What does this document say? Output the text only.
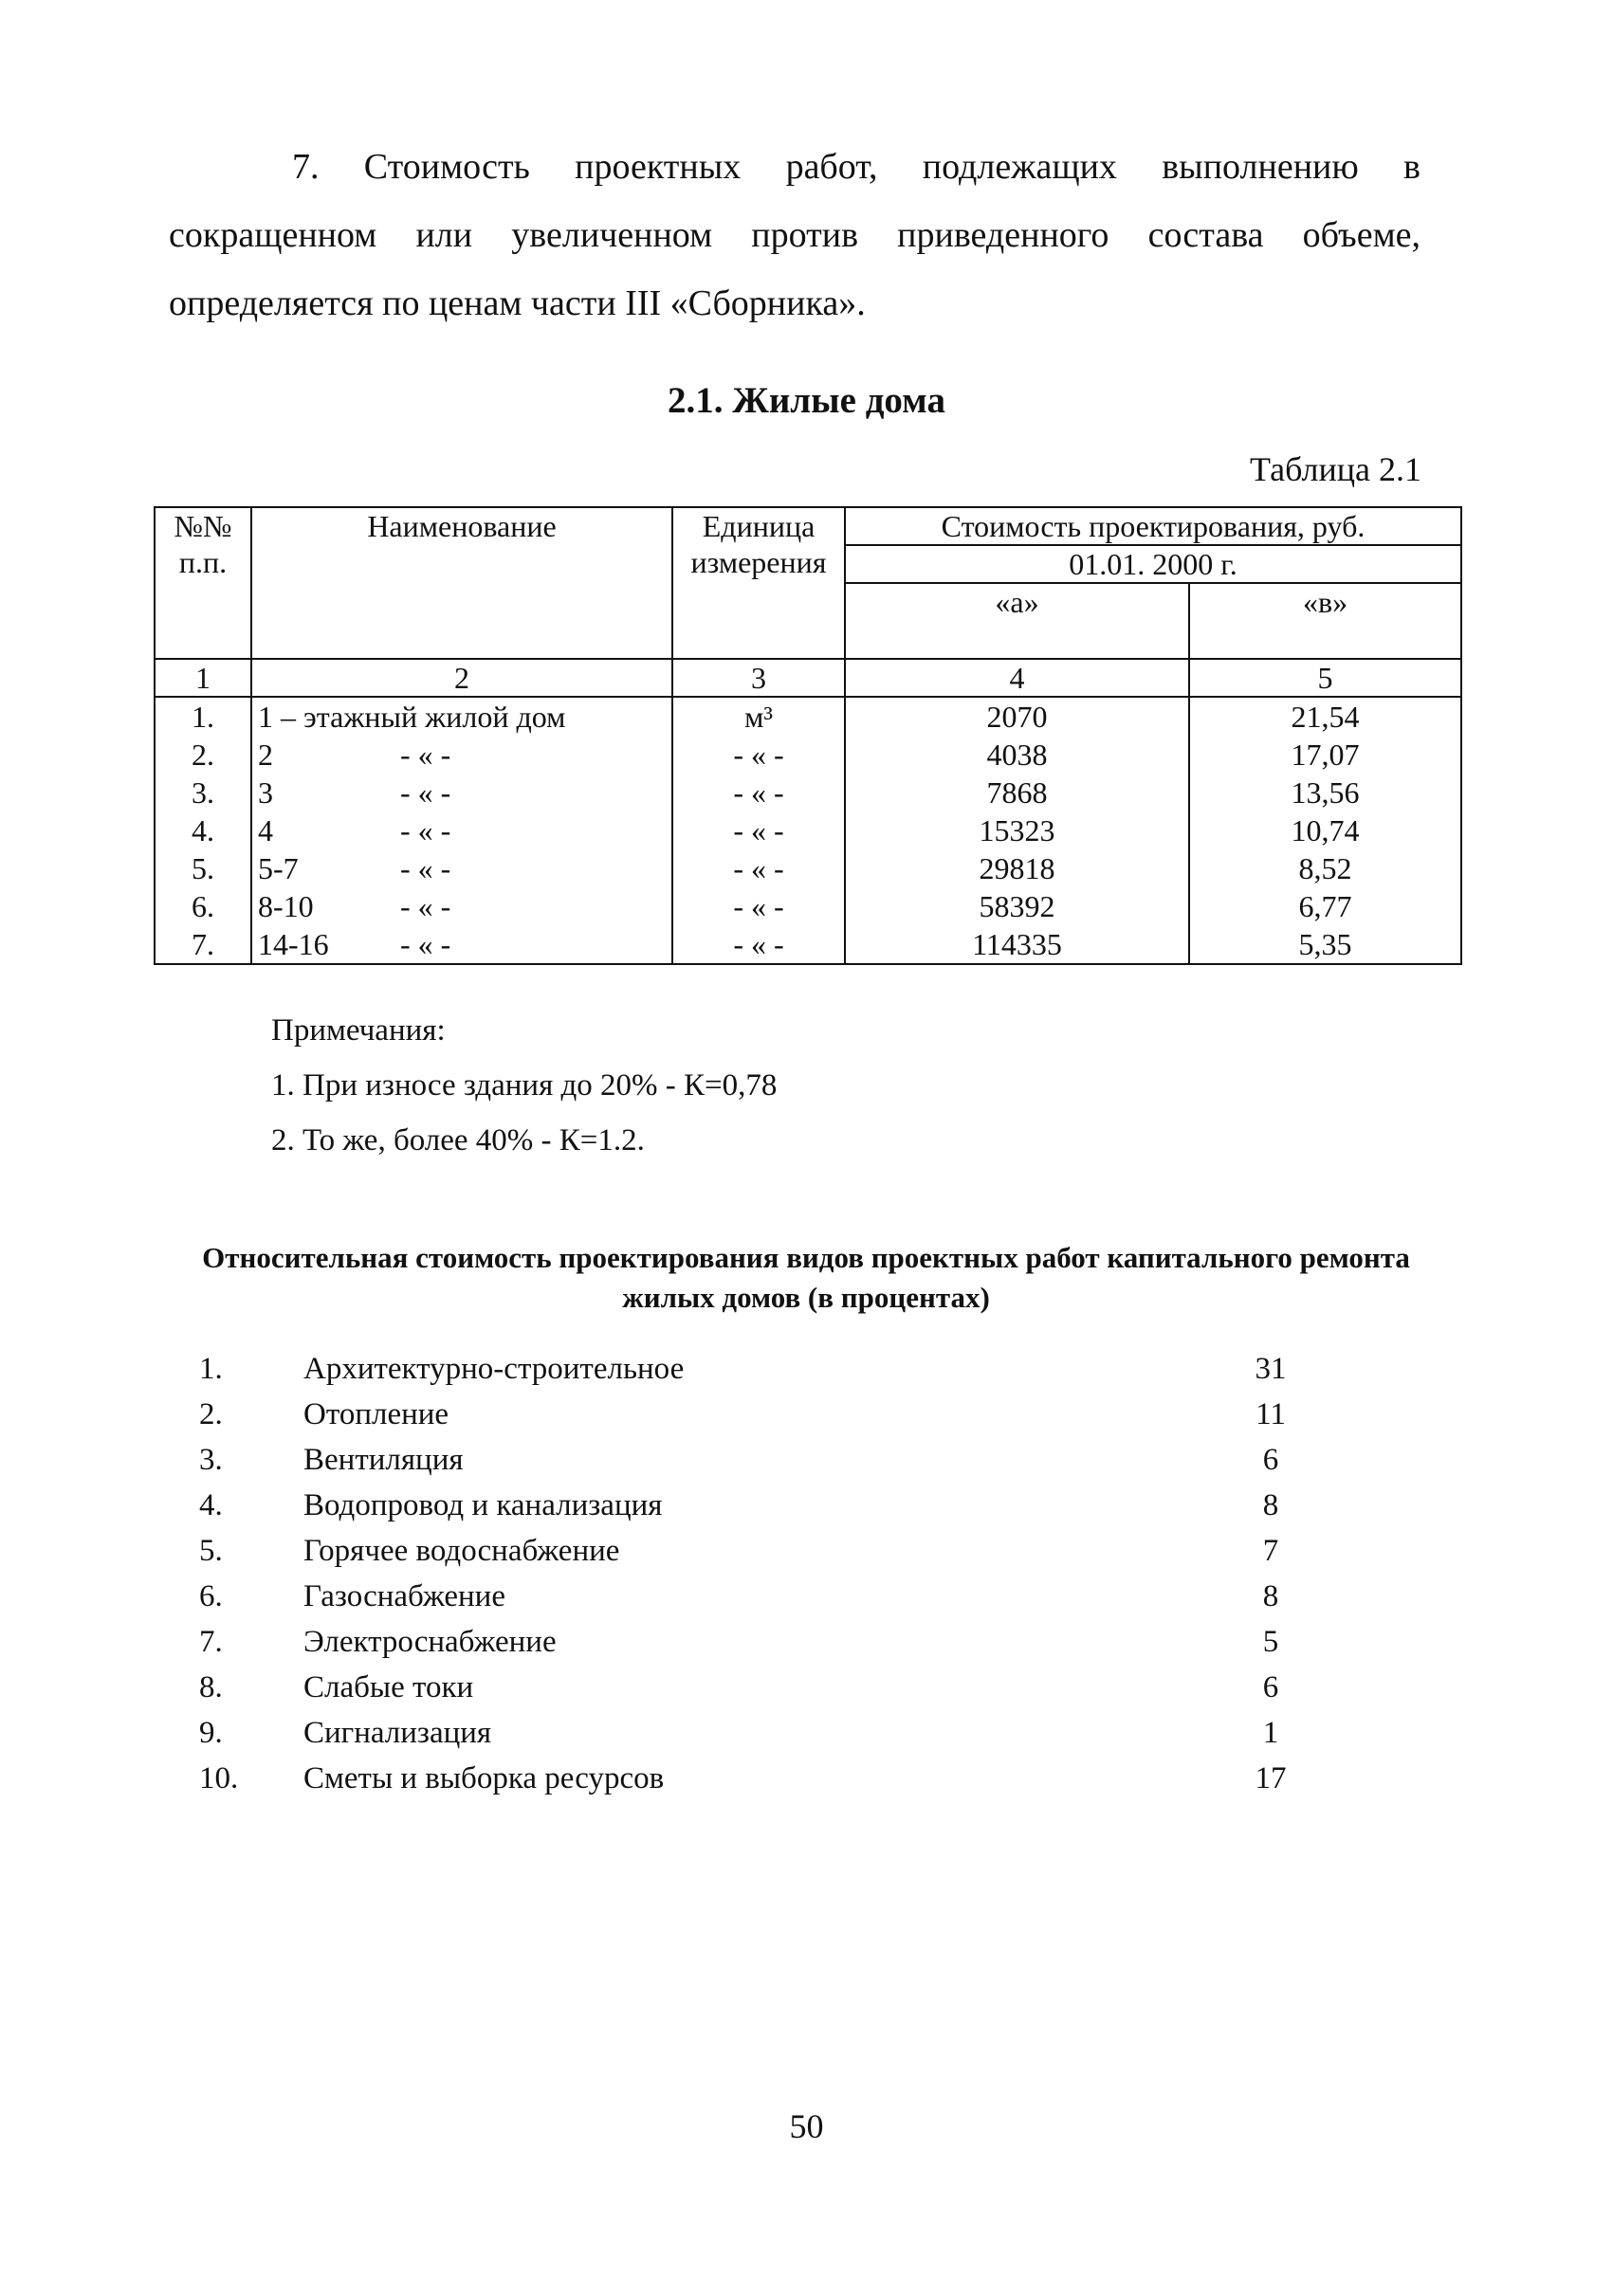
7. Стоимость проектных работ, подлежащих выполнению в сокращенном или увеличенном против приведенного состава объеме, определяется по ценам части III «Сборника».

2.1. Жилые дома

Таблица 2.1

№№ п.п.	Наименование	Единица измерения	Стоимость проектирования, руб.	
			01.01. 2000 г.	
			«а»	«в»
1	2	3	4	5
1.	1 – этажный жилой дом	м³	2070	21,54
2.	2 - « -	- « -	4038	17,07
3.	3 - « -	- « -	7868	13,56
4.	4 - « -	- « -	15323	10,74
5.	5-7 - « -	- « -	29818	8,52
6.	8-10 - « -	- « -	58392	6,77
7.	14-16 - « -	- « -	114335	5,35

Примечания:

1. При износе здания до 20% - К=0,78

2. То же, более 40% - К=1.2.

Относительная стоимость проектирования видов проектных работ капитального ремонта жилых домов (в процентах)
1.	Архитектурно-строительное	31
2.	Отопление	11
3.	Вентиляция	6
4.	Водопровод и канализация	8
5.	Горячее водоснабжение	7
6.	Газоснабжение	8
7.	Электроснабжение	5
8.	Слабые токи	6
9.	Сигнализация	1
10.	Сметы и выборка ресурсов	17

50
